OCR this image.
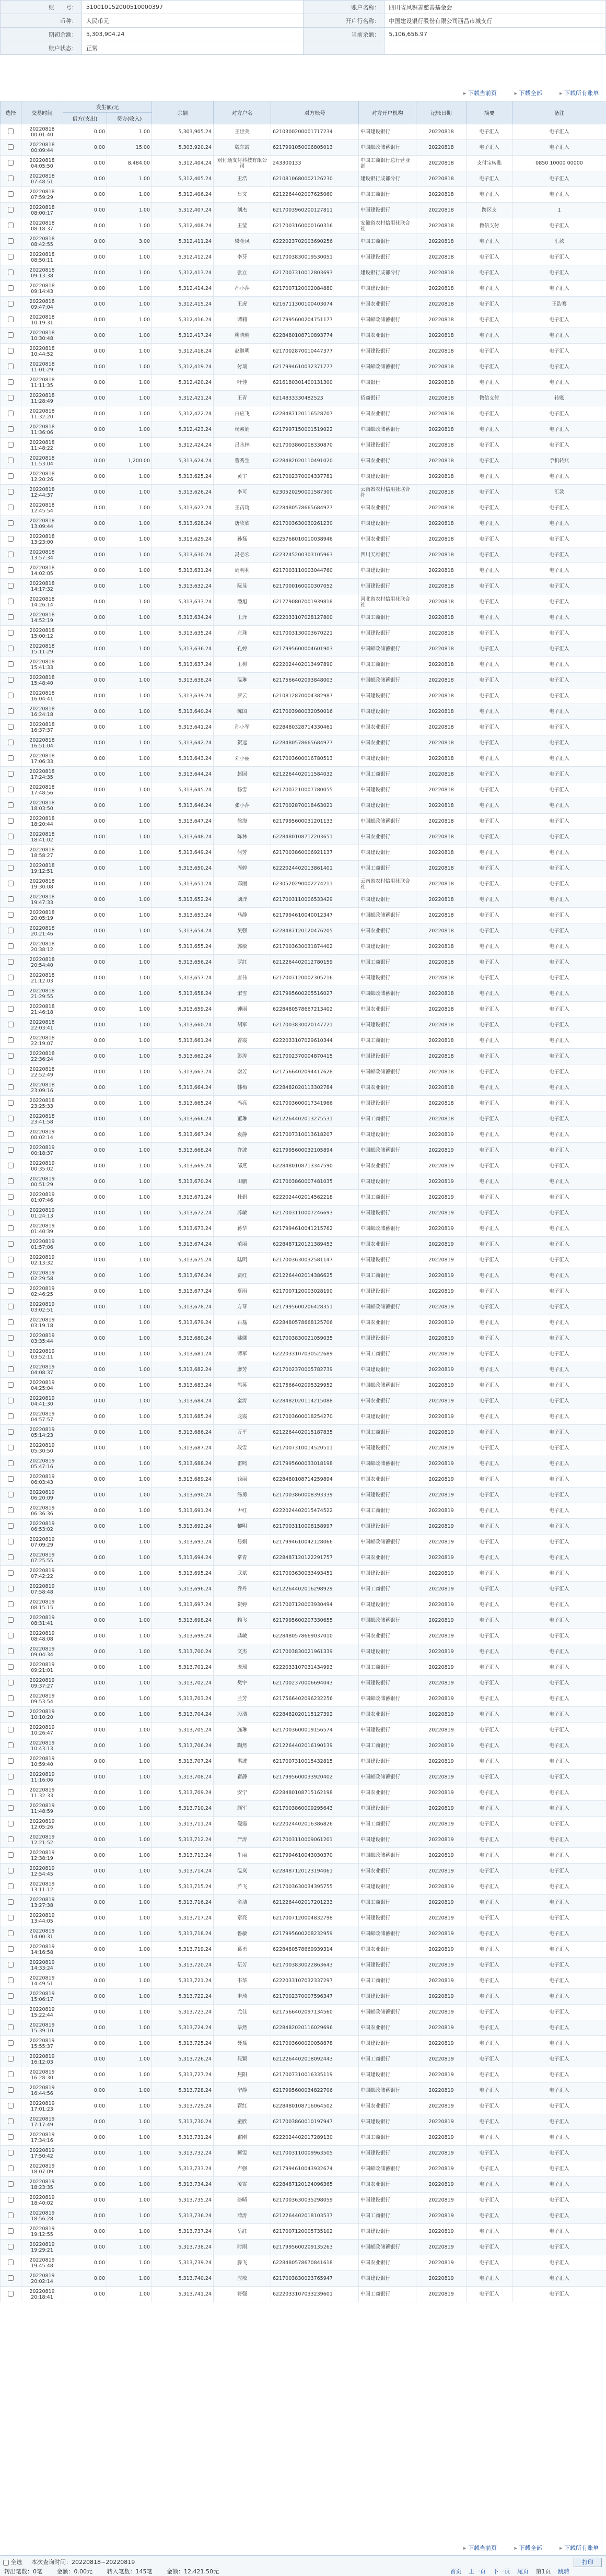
账　　号：	510010152000510000397	账户名称：	四川省风积善慈善基金会
币种：	人民币元	开户行名称：	中国建设银行股份有限公司西昌市城支行
期初余额：	5,303,904.24	当前余额：	5,106,656.97
账户状态：	正常		
▸ 下载当前页	▸ 下载全部	▸ 下载所有账单
选择	交易时间	发生额/元		余额	对方户名	对方账号	对方开户机构	记账日期	摘要	备注
		借方(支出)	贷方(收入)							
	20220818 00:01:40	0.00	1.00	5,303,905.24	王世美	6210300200001717234	中国建设银行	20220818	电子汇入	电子汇入
	20220818 00:09:44	0.00	15.00	5,303,920.24	魏东霞	6217991050006805013	中国邮政储蓄银行	20220818	电子汇入	电子汇入
	20220818 04:05:50	0.00	8,484.00	5,312,404.24	财付通支付科技有限公司	243300133	中国工商银行总行营业部	20220818	支付宝转账	0850 10000 00000
	20220818 07:48:51	0.00	1.00	5,312,405.24	王浩	6210810680002126230	建设银行成都分行	20220818	电子汇入	电子汇入
	20220818 07:59:29	0.00	1.00	5,312,406.24	吕文	6212264402007625060	中国工商银行	20220818	电子汇入	电子汇入
	20220818 08:00:17	0.00	1.00	5,312,407.24	刘杰	6217003960200127811	中国建设银行	20220818	跨区支	1
	20220818 08:18:37	0.00	1.00	5,312,408.24	王莹	6217003160000160316	安徽省农村信用社联合社	20220818	微信支付	电子汇入
	20220818 08:42:55	0.00	3.00	5,312,411.24	梁金凤	6222023702003690256	中国工商银行	20220818	电子汇入	汇款
	20220818 08:50:11	0.00	1.00	5,312,412.24	李芬	6217003830019530051	中国建设银行	20220818	电子汇入	电子汇入
	20220818 09:13:38	0.00	1.00	5,312,413.24	张立	6217007310012803693	建设银行成都分行	20220818	电子汇入	电子汇入
	20220818 09:14:43	0.00	1.00	5,312,414.24	孙小萍	6217007120002084880	中国建设银行	20220818	电子汇入	电子汇入
	20220818 09:47:04	0.00	1.00	5,312,415.24	王虎	6216711300100403074	中国农业银行	20220818	电子汇入	王浩骞
	20220818 10:19:31	0.00	1.00	5,312,416.24	谭莉	6217995600204751177	中国邮政储蓄银行	20220818	电子汇入	电子汇入
	20220818 10:30:48	0.00	1.00	5,312,417.24	柳晓晴	6228480108710893774	中国农业银行	20220818	电子汇入	电子汇入
	20220818 10:44:52	0.00	1.00	5,312,418.24	赵继明	6217002870010447377	中国建设银行	20220818	电子汇入	电子汇入
	20220818 11:01:29	0.00	1.00	5,312,419.24	付瑞	6217994610032371777	中国邮政储蓄银行	20220818	电子汇入	电子汇入
	20220818 11:11:35	0.00	1.00	5,312,420.24	叶佳	6216180301400131300	中国银行	20220818	电子汇入	电子汇入
	20220818 11:28:49	0.00	1.00	5,312,421.24	王青	6214833330482523	招商银行	20220818	微信支付	转账
	20220818 11:32:20	0.00	1.00	5,312,422.24	白应飞	6228487120116528707	中国农业银行	20220818	电子汇入	电子汇入
	20220818 11:36:06	0.00	1.00	5,312,423.24	杨素娟	6217997150001519022	中国邮政储蓄银行	20220818	电子汇入	电子汇入
	20220818 11:48:22	0.00	1.00	5,312,424.24	吕永林	6217003860008330870	中国建设银行	20220818	电子汇入	电子汇入
	20220818 11:53:04	0.00	1,200.00	5,313,624.24	曹秀生	6228482020110491020	中国农业银行	20220818	电子汇入	手机转账
	20220818 12:20:26	0.00	1.00	5,313,625.24	黄宇	6217002370004337781	中国建设银行	20220818	电子汇入	电子汇入
	20220818 12:44:37	0.00	1.00	5,313,626.24	李可	6230520290001587300	云南省农村信用社联合社	20220818	电子汇入	汇款
	20220818 12:45:54	0.00	1.00	5,313,627.24	王芮琦	6228480578665684977	中国农业银行	20220818	电子汇入	电子汇入
	20220818 13:09:44	0.00	1.00	5,313,628.24	唐欣欣	6217003630030261230	中国建设银行	20220818	电子汇入	电子汇入
	20220818 13:23:00	0.00	1.00	5,313,629.24	孙磊	6225768010010038946	中国农业银行	20220818	电子汇入	电子汇入
	20220818 13:57:34	0.00	1.00	5,313,630.24	冯必宏	6223245200303105963	四川天府银行	20220818	电子汇入	电子汇入
	20220818 14:02:05	0.00	1.00	5,313,631.24	周明利	6217003110003044760	中国建设银行	20220818	电子汇入	电子汇入
	20220818 14:17:32	0.00	1.00	5,313,632.24	阮显	6217000160000307052	中国建设银行	20220818	电子汇入	电子汇入
	20220818 14:26:14	0.00	1.00	5,313,633.24	潘旭	6217790807001939818	河北省农村信用社联合社	20220818	电子汇入	电子汇入
	20220818 14:52:19	0.00	1.00	5,313,634.24	王泽	6222033107028127800	中国工商银行	20220818	电子汇入	电子汇入
	20220818 15:00:12	0.00	1.00	5,313,635.24	左珠	6217003130003670221	中国建设银行	20220818	电子汇入	电子汇入
	20220818 15:11:29	0.00	1.00	5,313,636.24	孔婷	6217995600004601903	中国邮政储蓄银行	20220818	电子汇入	电子汇入
	20220818 15:41:33	0.00	1.00	5,313,637.24	王树	6222024402013497890	中国工商银行	20220818	电子汇入	电子汇入
	20220818 15:48:40	0.00	1.00	5,313,638.24	温琳	6217566402093848003	中国邮政储蓄银行	20220818	电子汇入	电子汇入
	20220818 16:04:41	0.00	1.00	5,313,639.24	罗云	6210812870004382987	中国建设银行	20220818	电子汇入	电子汇入
	20220818 16:24:18	0.00	1.00	5,313,640.24	陈国	6217003980032050016	中国建设银行	20220818	电子汇入	电子汇入
	20220818 16:37:37	0.00	1.00	5,313,641.24	孙小军	6228480328714330461	中国农业银行	20220818	电子汇入	电子汇入
	20220818 16:51:04	0.00	1.00	5,313,642.24	贺远	6228480578665684977	中国农业银行	20220818	电子汇入	电子汇入
	20220818 17:06:33	0.00	1.00	5,313,643.24	刘小丽	6217003600016780513	中国建设银行	20220818	电子汇入	电子汇入
	20220818 17:24:35	0.00	1.00	5,313,644.24	赵园	6212264402011584032	中国工商银行	20220818	电子汇入	电子汇入
	20220818 17:48:56	0.00	1.00	5,313,645.24	杨雪	6217007210007780055	中国建设银行	20220818	电子汇入	电子汇入
	20220818 18:03:50	0.00	1.00	5,313,646.24	张小萍	6217002870018463021	中国建设银行	20220818	电子汇入	电子汇入
	20220818 18:20:44	0.00	1.00	5,313,647.24	徐海	6217995600031201133	中国邮政储蓄银行	20220818	电子汇入	电子汇入
	20220818 18:41:02	0.00	1.00	5,313,648.24	陈林	6228480108712203651	中国农业银行	20220818	电子汇入	电子汇入
	20220818 18:58:27	0.00	1.00	5,313,649.24	何芳	6217003860006921137	中国建设银行	20220818	电子汇入	电子汇入
	20220818 19:12:51	0.00	1.00	5,313,650.24	周婷	6222024402013861401	中国工商银行	20220818	电子汇入	电子汇入
	20220818 19:30:08	0.00	1.00	5,313,651.24	邓丽	6230520290002274211	云南省农村信用社联合社	20220818	电子汇入	电子汇入
	20220818 19:47:33	0.00	1.00	5,313,652.24	刘洋	6217003110006533429	中国建设银行	20220818	电子汇入	电子汇入
	20220818 20:05:19	0.00	1.00	5,313,653.24	马静	6217994610040012347	中国邮政储蓄银行	20220818	电子汇入	电子汇入
	20220818 20:21:46	0.00	1.00	5,313,654.24	吴强	6228487120120476205	中国农业银行	20220818	电子汇入	电子汇入
	20220818 20:38:12	0.00	1.00	5,313,655.24	郭敏	6217003630031874402	中国建设银行	20220818	电子汇入	电子汇入
	20220818 20:54:40	0.00	1.00	5,313,656.24	罗红	6212264402012780159	中国工商银行	20220818	电子汇入	电子汇入
	20220818 21:12:03	0.00	1.00	5,313,657.24	唐伟	6217007120002305716	中国建设银行	20220818	电子汇入	电子汇入
	20220818 21:29:55	0.00	1.00	5,313,658.24	宋雪	6217995600205516027	中国邮政储蓄银行	20220818	电子汇入	电子汇入
	20220818 21:46:18	0.00	1.00	5,313,659.24	钟丽	6228480578667213402	中国农业银行	20220818	电子汇入	电子汇入
	20220818 22:03:41	0.00	1.00	5,313,660.24	胡军	6217003830020147721	中国建设银行	20220818	电子汇入	电子汇入
	20220818 22:19:07	0.00	1.00	5,313,661.24	曾霞	6222033107029610344	中国工商银行	20220818	电子汇入	电子汇入
	20220818 22:36:24	0.00	1.00	5,313,662.24	彭涛	6217002370004870415	中国建设银行	20220818	电子汇入	电子汇入
	20220818 22:52:49	0.00	1.00	5,313,663.24	谢芳	6217566402094417628	中国邮政储蓄银行	20220818	电子汇入	电子汇入
	20220818 23:09:16	0.00	1.00	5,313,664.24	韩梅	6228482020113302784	中国农业银行	20220818	电子汇入	电子汇入
	20220818 23:25:33	0.00	1.00	5,313,665.24	冯亮	6217003600017341966	中国建设银行	20220818	电子汇入	电子汇入
	20220818 23:41:58	0.00	1.00	5,313,666.24	董琳	6212264402013275531	中国工商银行	20220818	电子汇入	电子汇入
	20220819 00:02:14	0.00	1.00	5,313,667.24	袁静	6217007310013618207	中国建设银行	20220819	电子汇入	电子汇入
	20220819 00:18:37	0.00	1.00	5,313,668.24	许波	6217995600032105894	中国邮政储蓄银行	20220819	电子汇入	电子汇入
	20220819 00:35:02	0.00	1.00	5,313,669.24	邹燕	6228480108713347590	中国农业银行	20220819	电子汇入	电子汇入
	20220819 00:51:29	0.00	1.00	5,313,670.24	田鹏	6217003860007481035	中国建设银行	20220819	电子汇入	电子汇入
	20220819 01:07:46	0.00	1.00	5,313,671.24	杜娟	6222024402014562218	中国工商银行	20220819	电子汇入	电子汇入
	20220819 01:24:13	0.00	1.00	5,313,672.24	苏敏	6217003110007246693	中国建设银行	20220819	电子汇入	电子汇入
	20220819 01:40:39	0.00	1.00	5,313,673.24	蒋华	6217994610041215762	中国邮政储蓄银行	20220819	电子汇入	电子汇入
	20220819 01:57:06	0.00	1.00	5,313,674.24	范丽	6228487120121389453	中国农业银行	20220819	电子汇入	电子汇入
	20220819 02:13:32	0.00	1.00	5,313,675.24	陆明	6217003630032581147	中国建设银行	20220819	电子汇入	电子汇入
	20220819 02:29:58	0.00	1.00	5,313,676.24	贾红	6212264402014386625	中国工商银行	20220819	电子汇入	电子汇入
	20220819 02:46:25	0.00	1.00	5,313,677.24	夏雨	6217007120003028190	中国建设银行	20220819	电子汇入	电子汇入
	20220819 03:02:51	0.00	1.00	5,313,678.24	方琴	6217995600206428351	中国邮政储蓄银行	20220819	电子汇入	电子汇入
	20220819 03:19:18	0.00	1.00	5,313,679.24	石磊	6228480578668125706	中国农业银行	20220819	电子汇入	电子汇入
	20220819 03:35:44	0.00	1.00	5,313,680.24	姚娜	6217003830021059035	中国建设银行	20220819	电子汇入	电子汇入
	20220819 03:52:11	0.00	1.00	5,313,681.24	谭军	6222033107030522689	中国工商银行	20220819	电子汇入	电子汇入
	20220819 04:08:37	0.00	1.00	5,313,682.24	廖芳	6217002370005782739	中国建设银行	20220819	电子汇入	电子汇入
	20220819 04:25:04	0.00	1.00	5,313,683.24	熊英	6217566402095329952	中国邮政储蓄银行	20220819	电子汇入	电子汇入
	20220819 04:41:30	0.00	1.00	5,313,684.24	金涛	6228482020114215088	中国农业银行	20220819	电子汇入	电子汇入
	20220819 04:57:57	0.00	1.00	5,313,685.24	龙霞	6217003600018254270	中国建设银行	20220819	电子汇入	电子汇入
	20220819 05:14:23	0.00	1.00	5,313,686.24	万平	6212264402015187835	中国工商银行	20220819	电子汇入	电子汇入
	20220819 05:30:50	0.00	1.00	5,313,687.24	段雪	6217007310014520511	中国建设银行	20220819	电子汇入	电子汇入
	20220819 05:47:16	0.00	1.00	5,313,688.24	雷鸣	6217995600033018198	中国邮政储蓄银行	20220819	电子汇入	电子汇入
	20220819 06:03:43	0.00	1.00	5,313,689.24	钱丽	6228480108714259894	中国农业银行	20220819	电子汇入	电子汇入
	20220819 06:20:09	0.00	1.00	5,313,690.24	汤勇	6217003860008393339	中国建设银行	20220819	电子汇入	电子汇入
	20220819 06:36:36	0.00	1.00	5,313,691.24	尹红	6222024402015474522	中国工商银行	20220819	电子汇入	电子汇入
	20220819 06:53:02	0.00	1.00	5,313,692.24	黎明	6217003110008158997	中国建设银行	20220819	电子汇入	电子汇入
	20220819 07:09:29	0.00	1.00	5,313,693.24	易娟	6217994610042128066	中国邮政储蓄银行	20220819	电子汇入	电子汇入
	20220819 07:25:55	0.00	1.00	5,313,694.24	常青	6228487120122291757	中国农业银行	20220819	电子汇入	电子汇入
	20220819 07:42:22	0.00	1.00	5,313,695.24	武斌	6217003630033493451	中国建设银行	20220819	电子汇入	电子汇入
	20220819 07:58:48	0.00	1.00	5,313,696.24	乔丹	6212264402016298929	中国工商银行	20220819	电子汇入	电子汇入
	20220819 08:15:15	0.00	1.00	5,313,697.24	贺婷	6217007120003930494	中国建设银行	20220819	电子汇入	电子汇入
	20220819 08:31:41	0.00	1.00	5,313,698.24	赖飞	6217995600207330655	中国邮政储蓄银行	20220819	电子汇入	电子汇入
	20220819 08:48:08	0.00	1.00	5,313,699.24	龚敏	6228480578669037010	中国农业银行	20220819	电子汇入	电子汇入
	20220819 09:04:34	0.00	1.00	5,313,700.24	文杰	6217003830021961339	中国建设银行	20220819	电子汇入	电子汇入
	20220819 09:21:01	0.00	1.00	5,313,701.24	庞瑶	6222033107031434993	中国工商银行	20220819	电子汇入	电子汇入
	20220819 09:37:27	0.00	1.00	5,313,702.24	樊宇	6217002370006694043	中国建设银行	20220819	电子汇入	电子汇入
	20220819 09:53:54	0.00	1.00	5,313,703.24	兰芳	6217566402096232256	中国邮政储蓄银行	20220819	电子汇入	电子汇入
	20220819 10:10:20	0.00	1.00	5,313,704.24	殷浩	6228482020115127392	中国农业银行	20220819	电子汇入	电子汇入
	20220819 10:26:47	0.00	1.00	5,313,705.24	施琳	6217003600019156574	中国建设银行	20220819	电子汇入	电子汇入
	20220819 10:43:13	0.00	1.00	5,313,706.24	陶然	6212264402016190139	中国工商银行	20220819	电子汇入	电子汇入
	20220819 10:59:40	0.00	1.00	5,313,707.24	洪波	6217007310015432815	中国建设银行	20220819	电子汇入	电子汇入
	20220819 11:16:06	0.00	1.00	5,313,708.24	翟静	6217995600033920402	中国邮政储蓄银行	20220819	电子汇入	电子汇入
	20220819 11:32:33	0.00	1.00	5,313,709.24	安宁	6228480108715162198	中国农业银行	20220819	电子汇入	电子汇入
	20220819 11:48:59	0.00	1.00	5,313,710.24	颜军	6217003860009295643	中国建设银行	20220819	电子汇入	电子汇入
	20220819 12:05:26	0.00	1.00	5,313,711.24	倪霞	6222024402016386826	中国工商银行	20220819	电子汇入	电子汇入
	20220819 12:21:52	0.00	1.00	5,313,712.24	严涛	6217003110009061201	中国建设银行	20220819	电子汇入	电子汇入
	20220819 12:38:19	0.00	1.00	5,313,713.24	牛丽	6217994610043030370	中国邮政储蓄银行	20220819	电子汇入	电子汇入
	20220819 12:54:45	0.00	1.00	5,313,714.24	温岚	6228487120123194061	中国农业银行	20220819	电子汇入	电子汇入
	20220819 13:11:12	0.00	1.00	5,313,715.24	芦飞	6217003630034395755	中国建设银行	20220819	电子汇入	电子汇入
	20220819 13:27:38	0.00	1.00	5,313,716.24	俞洁	6212264402017201233	中国工商银行	20220819	电子汇入	电子汇入
	20220819 13:44:05	0.00	1.00	5,313,717.24	章亮	6217007120004832798	中国建设银行	20220819	电子汇入	电子汇入
	20220819 14:00:31	0.00	1.00	5,313,718.24	鲁敏	6217995600208232959	中国邮政储蓄银行	20220819	电子汇入	电子汇入
	20220819 14:16:58	0.00	1.00	5,313,719.24	葛勇	6228480578669939314	中国农业银行	20220819	电子汇入	电子汇入
	20220819 14:33:24	0.00	1.00	5,313,720.24	伍芳	6217003830022863643	中国建设银行	20220819	电子汇入	电子汇入
	20220819 14:49:51	0.00	1.00	5,313,721.24	韦华	6222033107032337297	中国工商银行	20220819	电子汇入	电子汇入
	20220819 15:06:17	0.00	1.00	5,313,722.24	申琦	6217002370007596347	中国建设银行	20220819	电子汇入	电子汇入
	20220819 15:22:44	0.00	1.00	5,313,723.24	尤佳	6217566402097134560	中国邮政储蓄银行	20220819	电子汇入	电子汇入
	20220819 15:39:10	0.00	1.00	5,313,724.24	毕然	6228482020116029696	中国农业银行	20220819	电子汇入	电子汇入
	20220819 15:55:37	0.00	1.00	5,313,725.24	聂磊	6217003600020058878	中国建设银行	20220819	电子汇入	电子汇入
	20220819 16:12:03	0.00	1.00	5,313,726.24	晁颖	6212264402018092443	中国工商银行	20220819	电子汇入	电子汇入
	20220819 16:28:30	0.00	1.00	5,313,727.24	焦阳	6217007310016335119	中国建设银行	20220819	电子汇入	电子汇入
	20220819 16:44:56	0.00	1.00	5,313,728.24	宁静	6217995600034822706	中国邮政储蓄银行	20220819	电子汇入	电子汇入
	20220819 17:01:23	0.00	1.00	5,313,729.24	管红	6228480108716064502	中国农业银行	20220819	电子汇入	电子汇入
	20220819 17:17:49	0.00	1.00	5,313,730.24	童欣	6217003860010197947	中国建设银行	20220819	电子汇入	电子汇入
	20220819 17:34:16	0.00	1.00	5,313,731.24	霍刚	6222024402017289130	中国工商银行	20220819	电子汇入	电子汇入
	20220819 17:50:42	0.00	1.00	5,313,732.24	柯雯	6217003110009963505	中国建设银行	20220819	电子汇入	电子汇入
	20220819 18:07:09	0.00	1.00	5,313,733.24	卢强	6217994610043932674	中国邮政储蓄银行	20220819	电子汇入	电子汇入
	20220819 18:23:35	0.00	1.00	5,313,734.24	凌霄	6228487120124096365	中国农业银行	20220819	电子汇入	电子汇入
	20220819 18:40:02	0.00	1.00	5,313,735.24	骆晴	6217003630035298059	中国建设银行	20220819	电子汇入	电子汇入
	20220819 18:56:28	0.00	1.00	5,313,736.24	蒲涛	6212264402018103537	中国工商银行	20220819	电子汇入	电子汇入
	20220819 19:12:55	0.00	1.00	5,313,737.24	岳红	6217007120005735102	中国建设银行	20220819	电子汇入	电子汇入
	20220819 19:29:21	0.00	1.00	5,313,738.24	时雨	6217995600209135263	中国邮政储蓄银行	20220819	电子汇入	电子汇入
	20220819 19:45:48	0.00	1.00	5,313,739.24	滕飞	6228480578670841618	中国农业银行	20220819	电子汇入	电子汇入
	20220819 20:02:14	0.00	1.00	5,313,740.24	应敏	6217003830023765947	中国建设银行	20220819	电子汇入	电子汇入
	20220819 20:18:41	0.00	1.00	5,313,741.24	符强	6222033107033239601	中国工商银行	20220819	电子汇入	电子汇入
▸ 下载当前页	▸ 下载全部	▸ 下载所有账单
全选 本次查询时间：20220818~20220819
转出笔数：0笔	金额：0.00元	转入笔数：145笔	金额：12,421.50元	首页 上一页 下一页 尾页 第1页 跳转
打印
